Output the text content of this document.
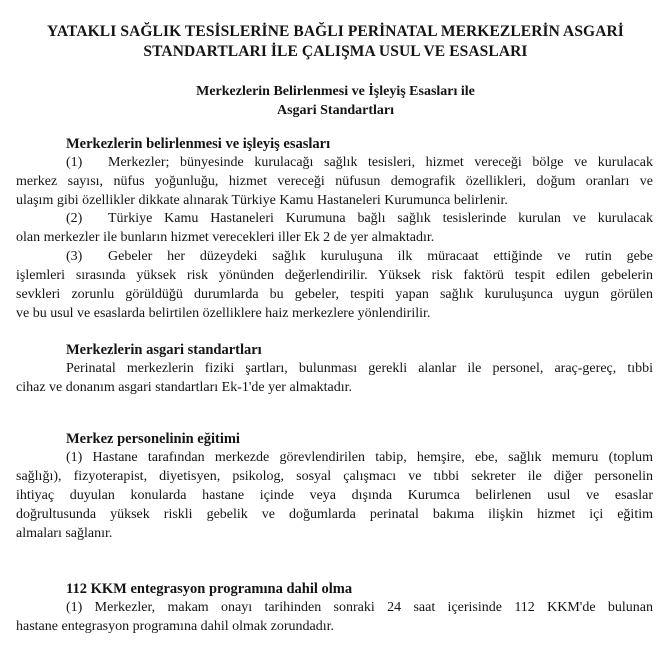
YATAKLI SAĞLIK TESİSLERİNE BAĞLI PERİNATAL MERKEZLERİN ASGARİ
STANDARTLARI İLE ÇALIŞMA USUL VE ESASLARI
Merkezlerin Belirlenmesi ve İşleyiş Esasları ile
Asgari Standartları
Merkezlerin belirlenmesi ve işleyiş esasları
(1) Merkezler; bünyesinde kurulacağı sağlık tesisleri, hizmet vereceği bölge ve kurulacak
merkez sayısı, nüfus yoğunluğu, hizmet vereceği nüfusun demografik özellikleri, doğum oranları ve
ulaşım gibi özellikler dikkate alınarak Türkiye Kamu Hastaneleri Kurumunca belirlenir.
(2) Türkiye Kamu Hastaneleri Kurumuna bağlı sağlık tesislerinde kurulan ve kurulacak
olan merkezler ile bunların hizmet verecekleri iller Ek 2 de yer almaktadır.
(3) Gebeler her düzeydeki sağlık kuruluşuna ilk müracaat ettiğinde ve rutin gebe
işlemleri sırasında yüksek risk yönünden değerlendirilir. Yüksek risk faktörü tespit edilen gebelerin
sevkleri zorunlu görüldüğü durumlarda bu gebeler, tespiti yapan sağlık kuruluşunca uygun görülen
ve bu usul ve esaslarda belirtilen özelliklere haiz merkezlere yönlendirilir.
Merkezlerin asgari standartları
Perinatal merkezlerin fiziki şartları, bulunması gerekli alanlar ile personel, araç-gereç, tıbbi
cihaz ve donanım asgari standartları Ek-1'de yer almaktadır.
Merkez personelinin eğitimi
(1) Hastane tarafından merkezde görevlendirilen tabip, hemşire, ebe, sağlık memuru (toplum
sağlığı), fizyoterapist, diyetisyen, psikolog, sosyal çalışmacı ve tıbbi sekreter ile diğer personelin
ihtiyaç duyulan konularda hastane içinde veya dışında Kurumca belirlenen usul ve esaslar
doğrultusunda yüksek riskli gebelik ve doğumlarda perinatal bakıma ilişkin hizmet içi eğitim
almaları sağlanır.
112 KKM entegrasyon programına dahil olma
(1) Merkezler, makam onayı tarihinden sonraki 24 saat içerisinde 112 KKM'de bulunan
hastane entegrasyon programına dahil olmak zorundadır.
